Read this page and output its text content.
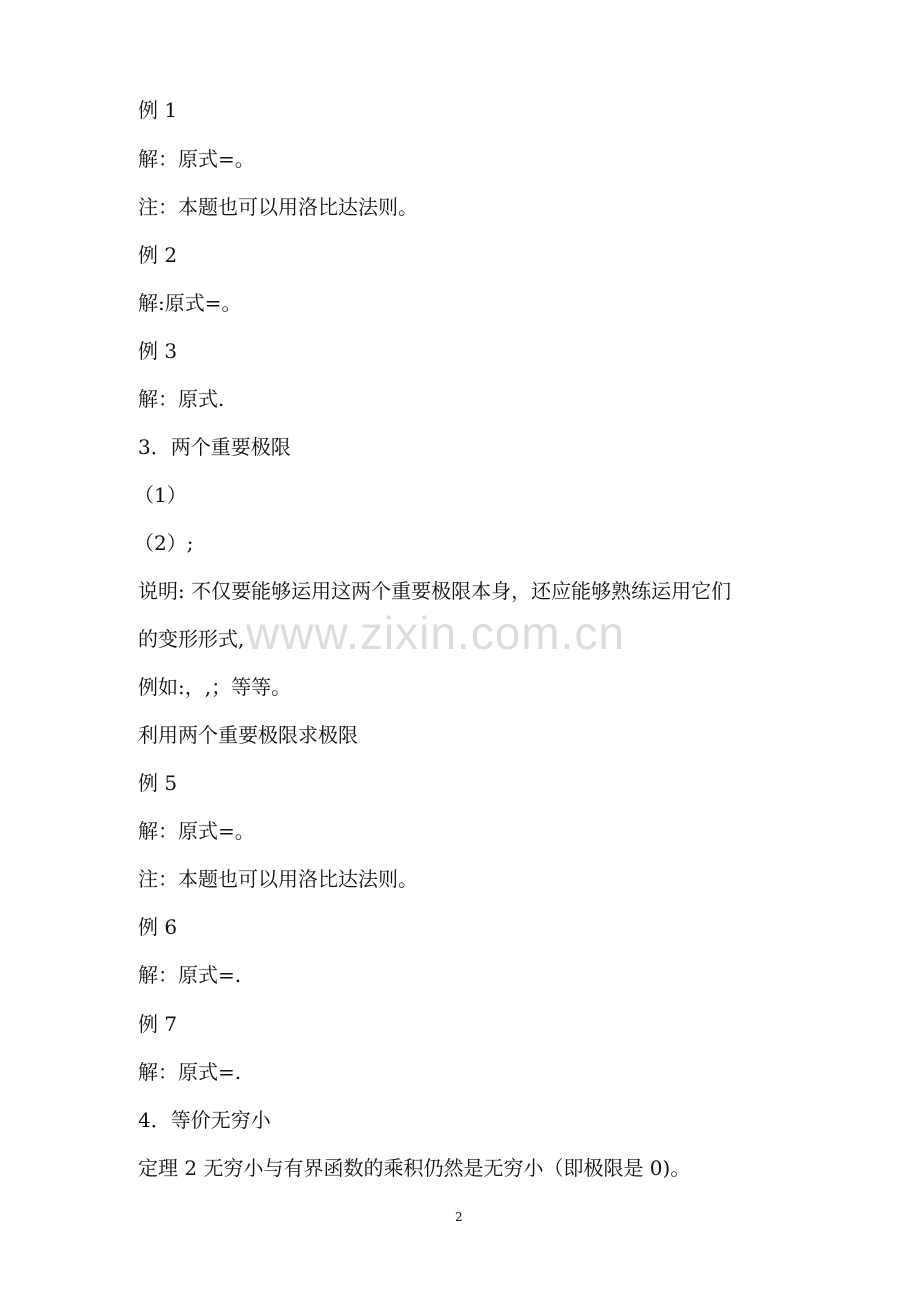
例 1
解：原式=。
注：本题也可以用洛比达法则。
例 2
解:原式=。
例 3
解：原式.
3．两个重要极限
（1）
（2）;
说明: 不仅要能够运用这两个重要极限本身，还应能够熟练运用它们
的变形形式,
例如:，,；等等。
利用两个重要极限求极限
例 5
解：原式=。
注：本题也可以用洛比达法则。
例 6
解：原式=.
例 7
解：原式=.
4．等价无穷小
定理 2 无穷小与有界函数的乘积仍然是无穷小（即极限是 0)。
www.zixin.com.cn
2
